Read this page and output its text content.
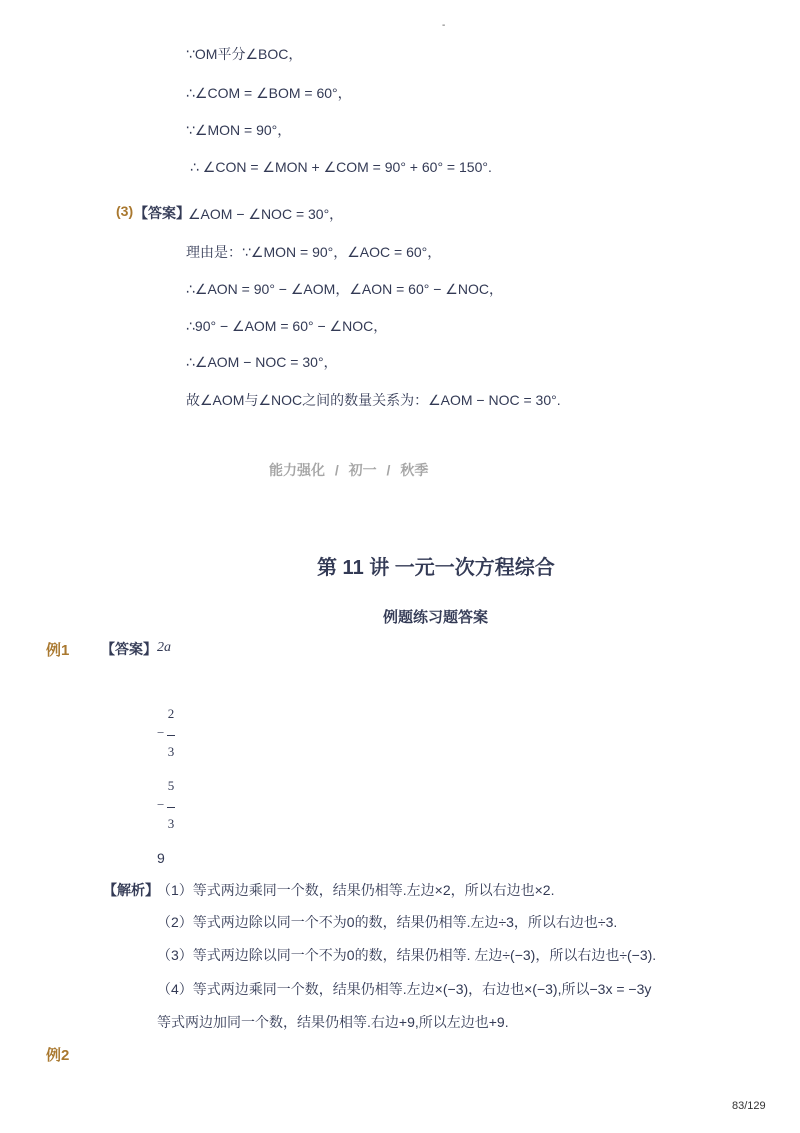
-
∵OM平分∠BOC，
∴∠COM = ∠BOM = 60°，
∵∠MON = 90°，
∴ ∠CON = ∠MON + ∠COM = 90° + 60° = 150°.
(3) 【答案】
∠AOM − ∠NOC = 30°，
理由是：∵∠MON = 90°，∠AOC = 60°，
∴∠AON = 90° − ∠AOM，∠AON = 60° − ∠NOC，
∴90° − ∠AOM = 60° − ∠NOC，
∴∠AOM − NOC = 30°，
故∠AOM与∠NOC之间的数量关系为：∠AOM − NOC = 30°.
能力强化 / 初一 / 秋季
第 11 讲 一元一次方程综合
例题练习题答案
例1 【答案】 2a
2
−
3
5
−
3
9
【解析】
（1）等式两边乘同一个数，结果仍相等.左边×2，所以右边也×2.
（2）等式两边除以同一个不为0的数，结果仍相等.左边÷3，所以右边也÷3.
（3）等式两边除以同一个不为0的数，结果仍相等. 左边÷(−3)，所以右边也÷(−3).
（4）等式两边乘同一个数，结果仍相等.左边×(−3)，右边也×(−3),所以−3x = −3y
等式两边加同一个数，结果仍相等.右边+9,所以左边也+9.
例2
83/129
